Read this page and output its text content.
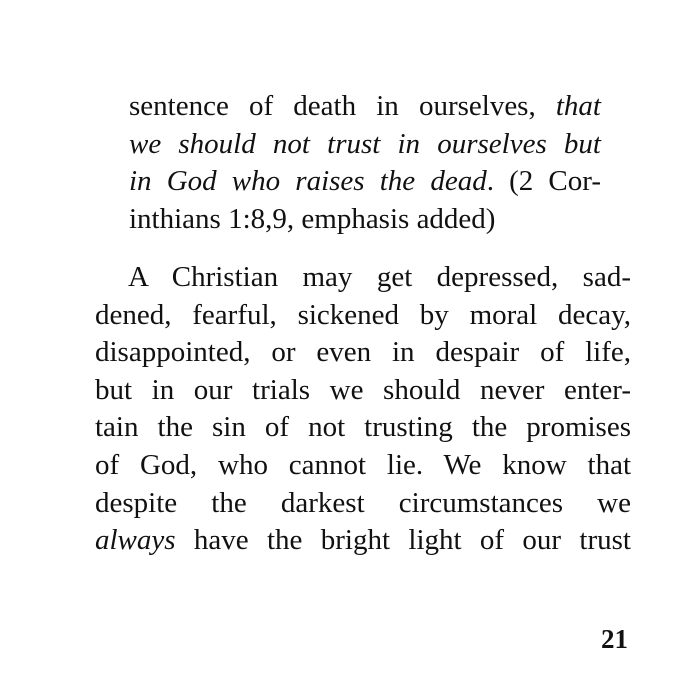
sentence of death in ourselves, that
we should not trust in ourselves but
in God who raises the dead. (2 Cor-
inthians 1:8,9, emphasis added)
A Christian may get depressed, sad-
dened, fearful, sickened by moral decay,
disappointed, or even in despair of life,
but in our trials we should never enter-
tain the sin of not trusting the promises
of God, who cannot lie. We know that
despite the darkest circumstances we
always have the bright light of our trust
21
